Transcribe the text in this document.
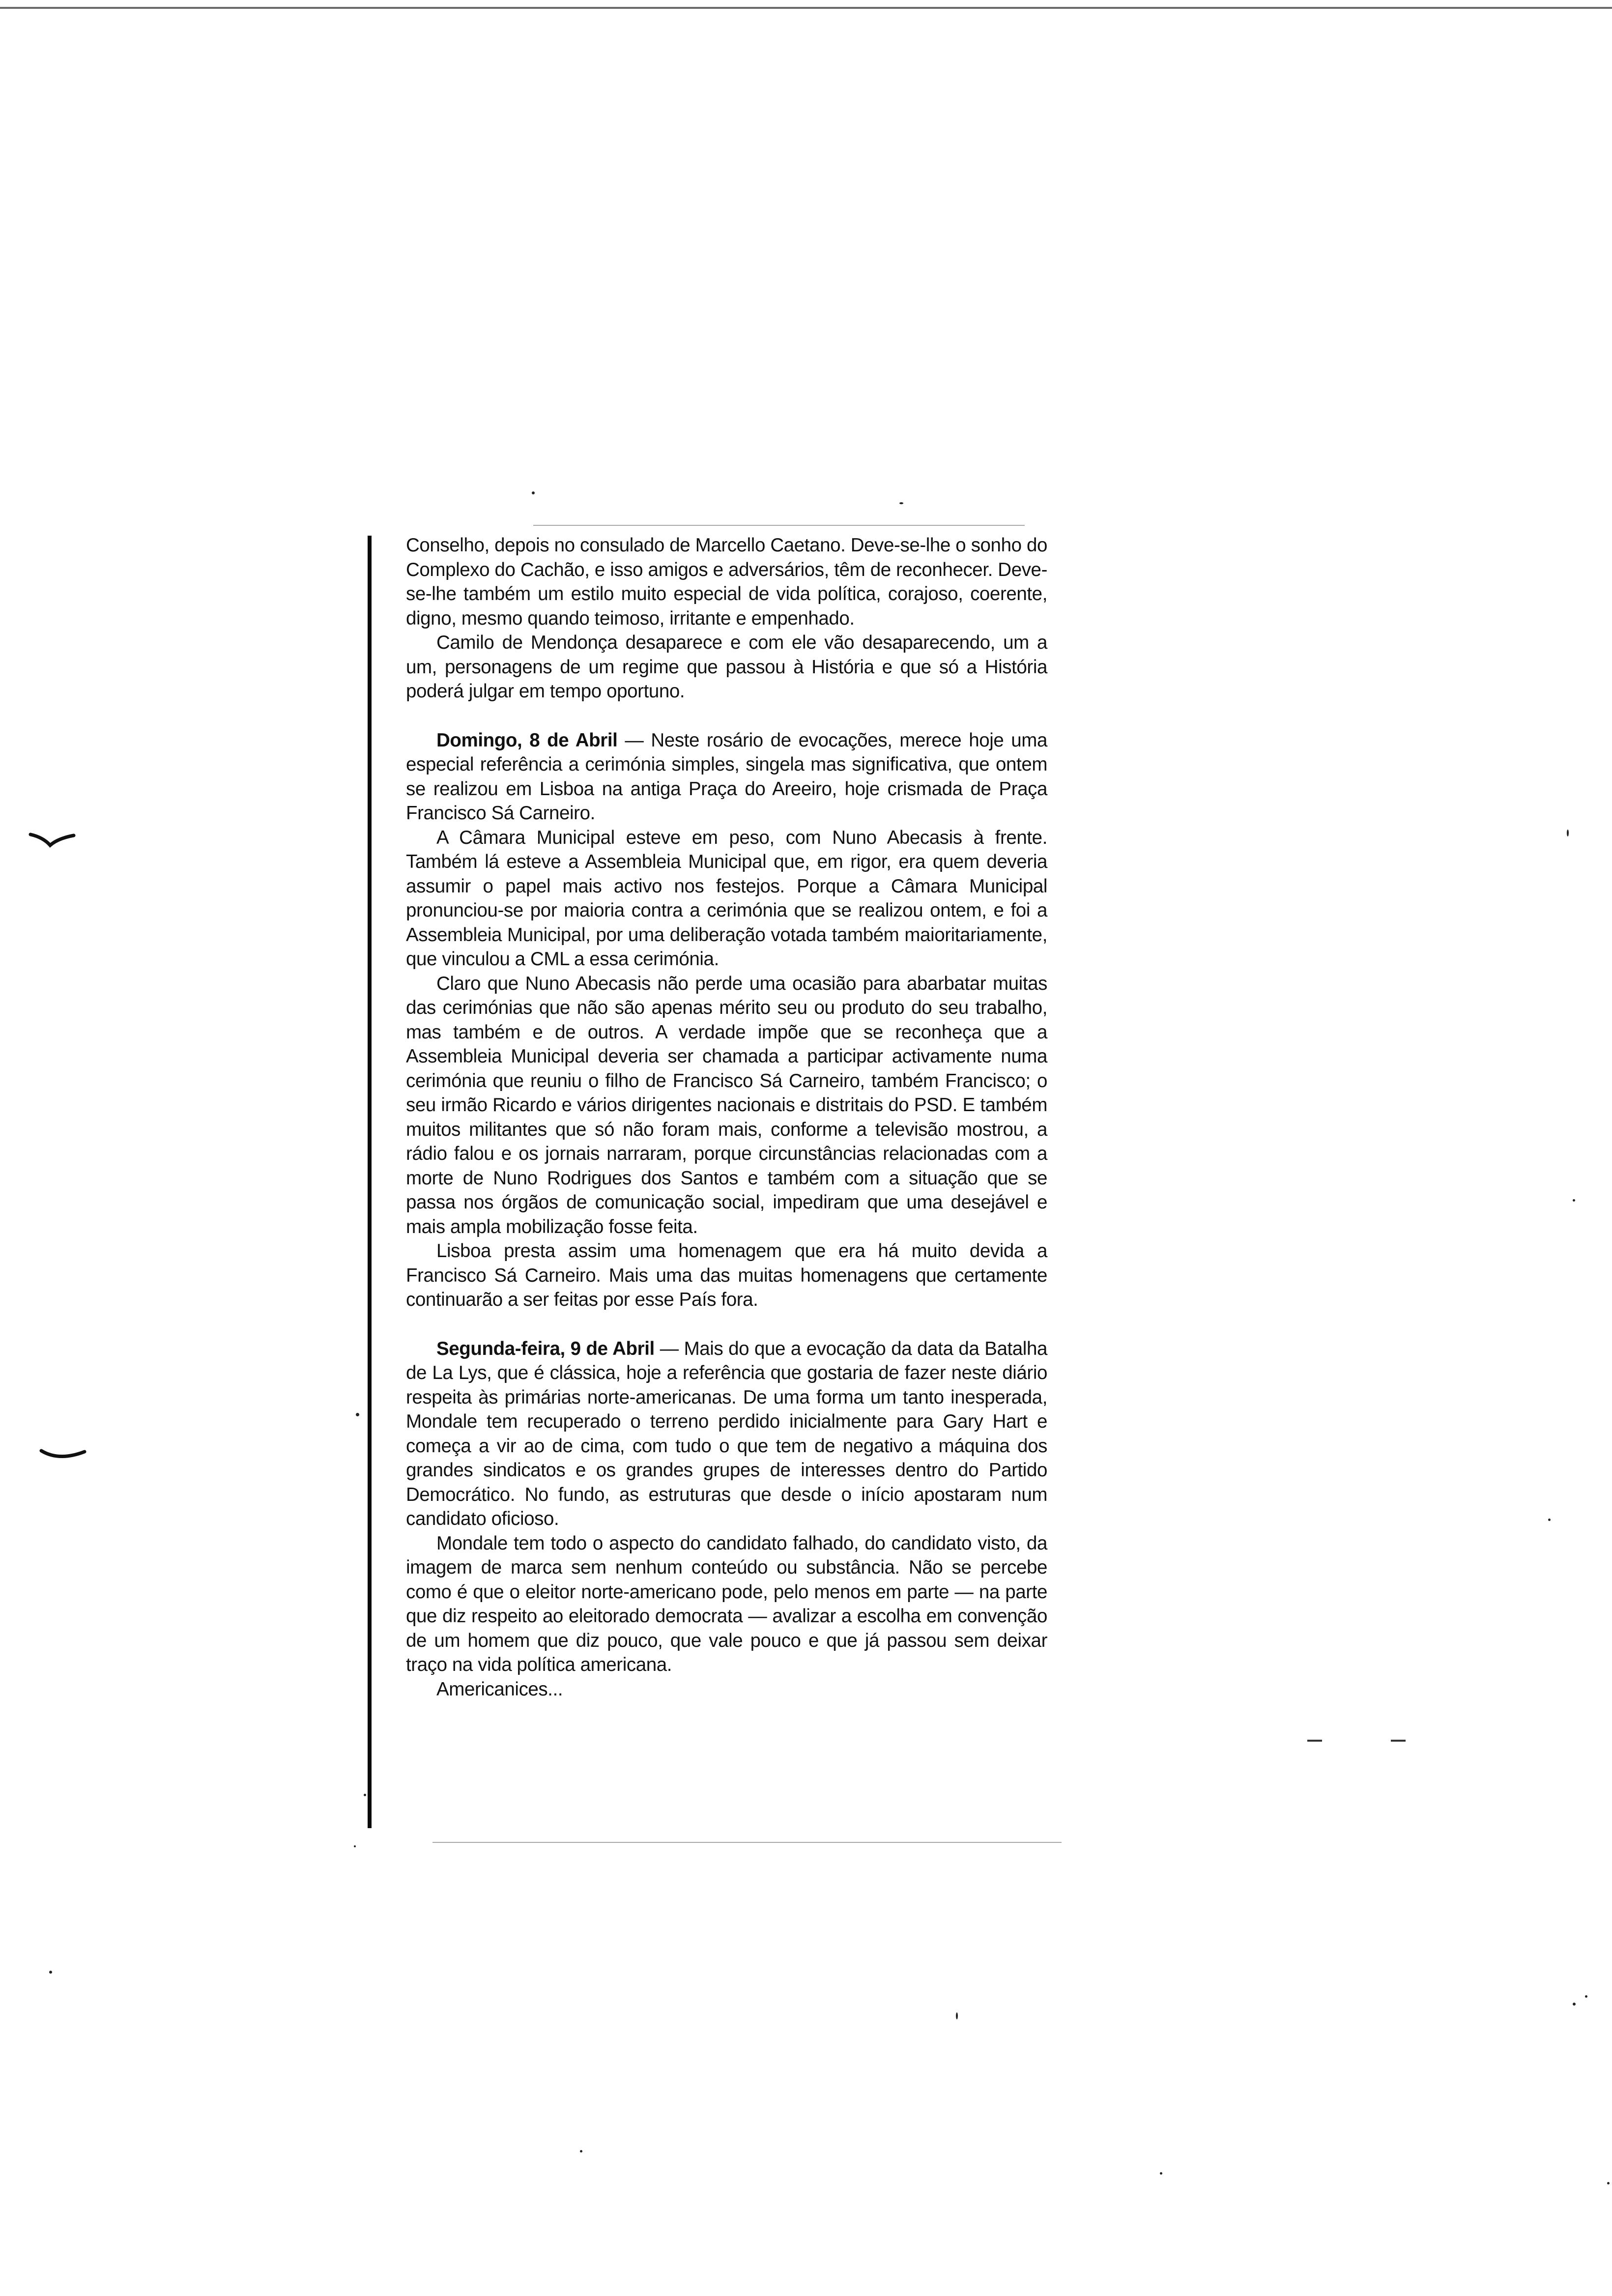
Conselho, depois no consulado de Marcello Caetano. Deve-se-lhe o sonho do Complexo do Cachão, e isso amigos e adversários, têm de reconhecer. Deve-se-lhe também um estilo muito especial de vida política, corajoso, coerente, digno, mesmo quando teimoso, irritante e empenhado.

Camilo de Mendonça desaparece e com ele vão desaparecendo, um a um, personagens de um regime que passou à História e que só a História poderá julgar em tempo oportuno.

Domingo, 8 de Abril — Neste rosário de evocações, merece hoje uma especial referência a cerimónia simples, singela mas significativa, que ontem se realizou em Lisboa na antiga Praça do Areeiro, hoje crismada de Praça Francisco Sá Carneiro.

A Câmara Municipal esteve em peso, com Nuno Abecasis à frente. Também lá esteve a Assembleia Municipal que, em rigor, era quem deveria assumir o papel mais activo nos festejos. Porque a Câmara Municipal pronunciou-se por maioria contra a cerimónia que se realizou ontem, e foi a Assembleia Municipal, por uma deliberação votada também maioritariamente, que vinculou a CML a essa cerimónia.

Claro que Nuno Abecasis não perde uma ocasião para abarbatar muitas das cerimónias que não são apenas mérito seu ou produto do seu trabalho, mas também e de outros. A verdade impõe que se reconheça que a Assembleia Municipal deveria ser chamada a participar activamente numa cerimónia que reuniu o filho de Francisco Sá Carneiro, também Francisco; o seu irmão Ricardo e vários dirigentes nacionais e distritais do PSD. E também muitos militantes que só não foram mais, conforme a televisão mostrou, a rádio falou e os jornais narraram, porque circunstâncias relacionadas com a morte de Nuno Rodrigues dos Santos e também com a situação que se passa nos órgãos de comunicação social, impediram que uma desejável e mais ampla mobilização fosse feita.

Lisboa presta assim uma homenagem que era há muito devida a Francisco Sá Carneiro. Mais uma das muitas homenagens que certamente continuarão a ser feitas por esse País fora.

Segunda-feira, 9 de Abril — Mais do que a evocação da data da Batalha de La Lys, que é clássica, hoje a referência que gostaria de fazer neste diário respeita às primárias norte-americanas. De uma forma um tanto inesperada, Mondale tem recuperado o terreno perdido inicialmente para Gary Hart e começa a vir ao de cima, com tudo o que tem de negativo a máquina dos grandes sindicatos e os grandes grupes de interesses dentro do Partido Democrático. No fundo, as estruturas que desde o início apostaram num candidato oficioso.

Mondale tem todo o aspecto do candidato falhado, do candidato visto, da imagem de marca sem nenhum conteúdo ou substância. Não se percebe como é que o eleitor norte-americano pode, pelo menos em parte — na parte que diz respeito ao eleitorado democrata — avalizar a escolha em convenção de um homem que diz pouco, que vale pouco e que já passou sem deixar traço na vida política americana.

Americanices...
